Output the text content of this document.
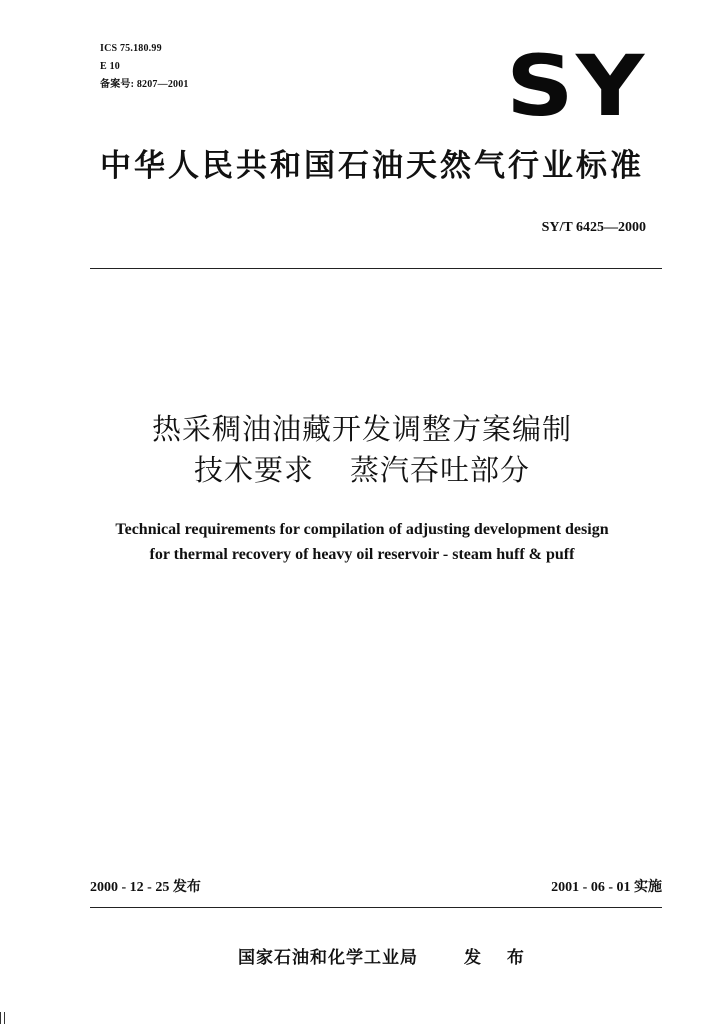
ICS 75.180.99
E 10
备案号: 8207—2001	SY
中华人民共和国石油天然气行业标准
SY/T 6425—2000
热采稠油油藏开发调整方案编制
技术要求 蒸汽吞吐部分
Technical requirements for compilation of adjusting development design
for thermal recovery of heavy oil reservoir - steam huff & puff
2000 - 12 - 25 发布	2001 - 06 - 01 实施
国家石油和化学工业局	发 布
